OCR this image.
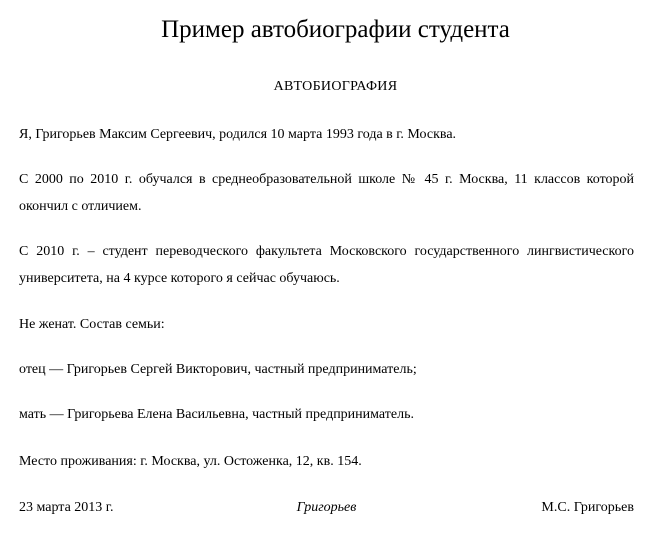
Пример автобиографии студента
АВТОБИОГРАФИЯ

Я, Григорьев Максим Сергеевич, родился 10 марта 1993 года в г. Москва.

С 2000 по 2010 г. обучался в среднеобразовательной школе № 45 г. Москва, 11 классов которой окончил с отличием.

С 2010 г. – студент переводческого факультета Московского государственного лингвистического университета, на 4 курсе которого я сейчас обучаюсь.

Не женат. Состав семьи:

отец — Григорьев Сергей Викторович, частный предприниматель;

мать — Григорьева Елена Васильевна, частный предприниматель.

Место проживания: г. Москва, ул. Остоженка, 12, кв. 154.

23 марта 2013 г.	Григорьев	М.С. Григорьев
